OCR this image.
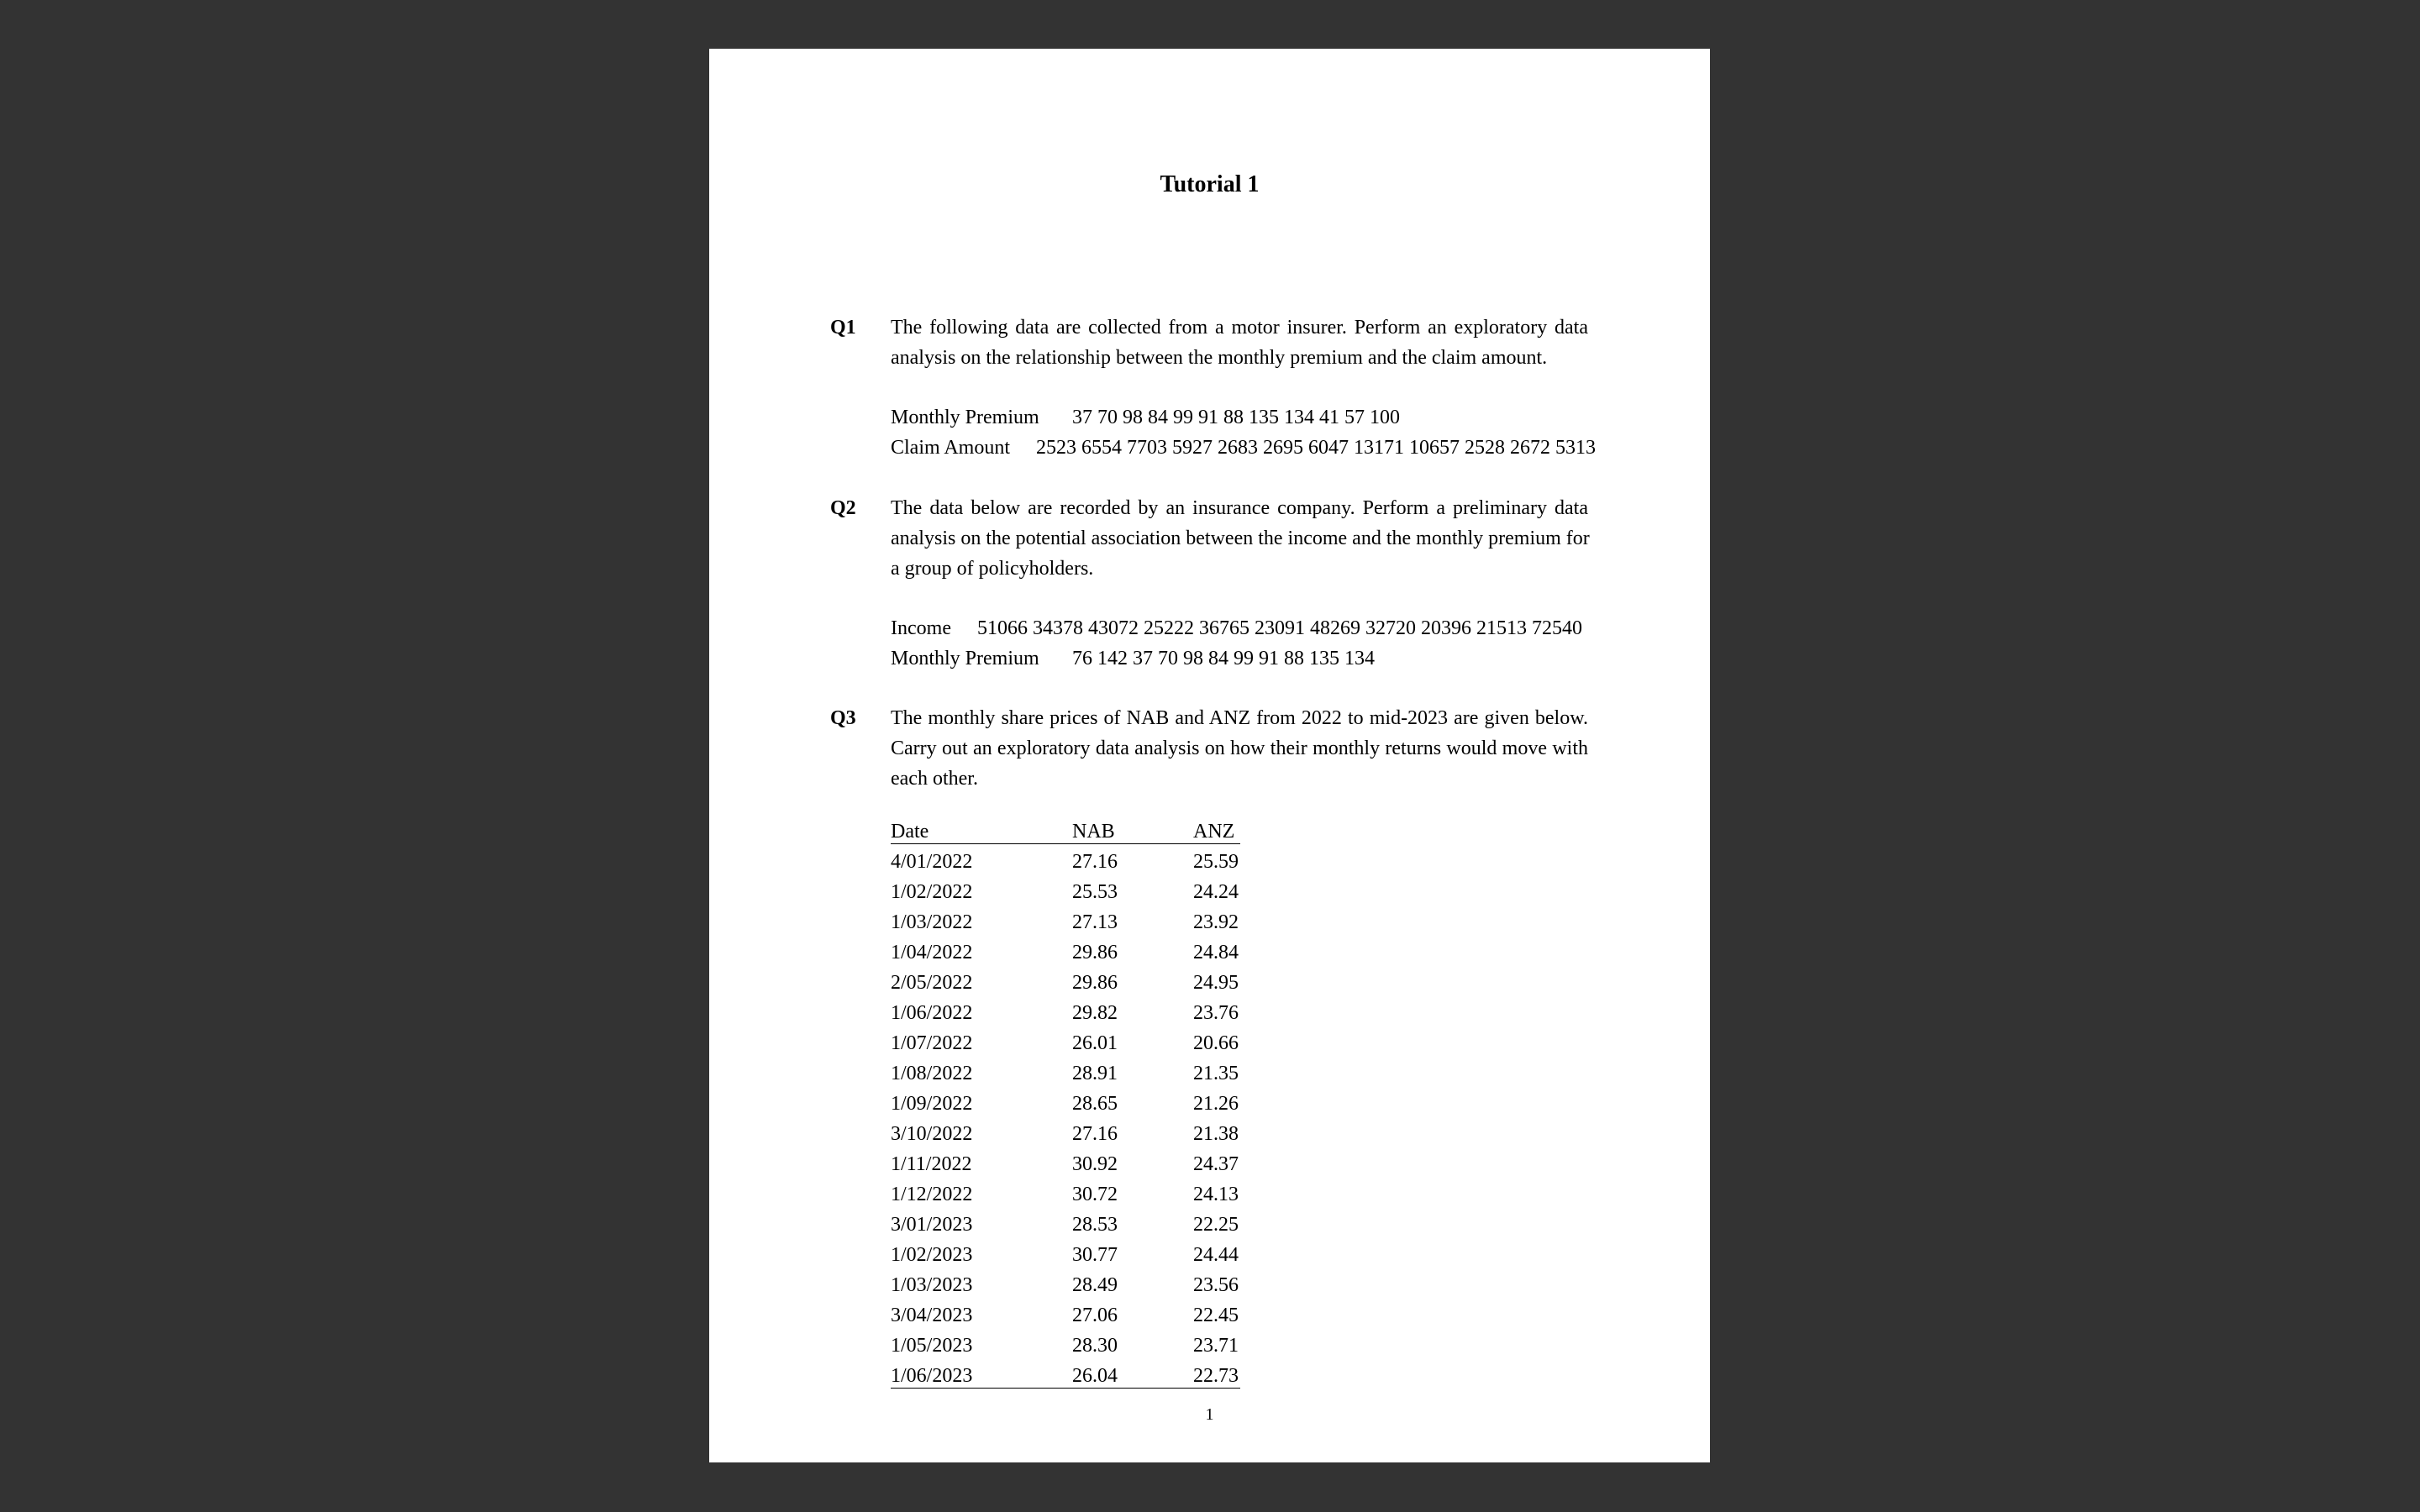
Tutorial 1
Q1 The following data are collected from a motor insurer. Perform an exploratory data
analysis on the relationship between the monthly premium and the claim amount.
Monthly Premium 37 70 98 84 99 91 88 135 134 41 57 100
Claim Amount 2523 6554 7703 5927 2683 2695 6047 13171 10657 2528 2672 5313
Q2 The data below are recorded by an insurance company. Perform a preliminary data
analysis on the potential association between the income and the monthly premium for
a group of policyholders.
Income 51066 34378 43072 25222 36765 23091 48269 32720 20396 21513 72540
Monthly Premium 76 142 37 70 98 84 99 91 88 135 134
Q3 The monthly share prices of NAB and ANZ from 2022 to mid-2023 are given below.
Carry out an exploratory data analysis on how their monthly returns would move with
each other.
Date	NAB	ANZ
4/01/2022	27.16	25.59
1/02/2022	25.53	24.24
1/03/2022	27.13	23.92
1/04/2022	29.86	24.84
2/05/2022	29.86	24.95
1/06/2022	29.82	23.76
1/07/2022	26.01	20.66
1/08/2022	28.91	21.35
1/09/2022	28.65	21.26
3/10/2022	27.16	21.38
1/11/2022	30.92	24.37
1/12/2022	30.72	24.13
3/01/2023	28.53	22.25
1/02/2023	30.77	24.44
1/03/2023	28.49	23.56
3/04/2023	27.06	22.45
1/05/2023	28.30	23.71
1/06/2023	26.04	22.73
1
